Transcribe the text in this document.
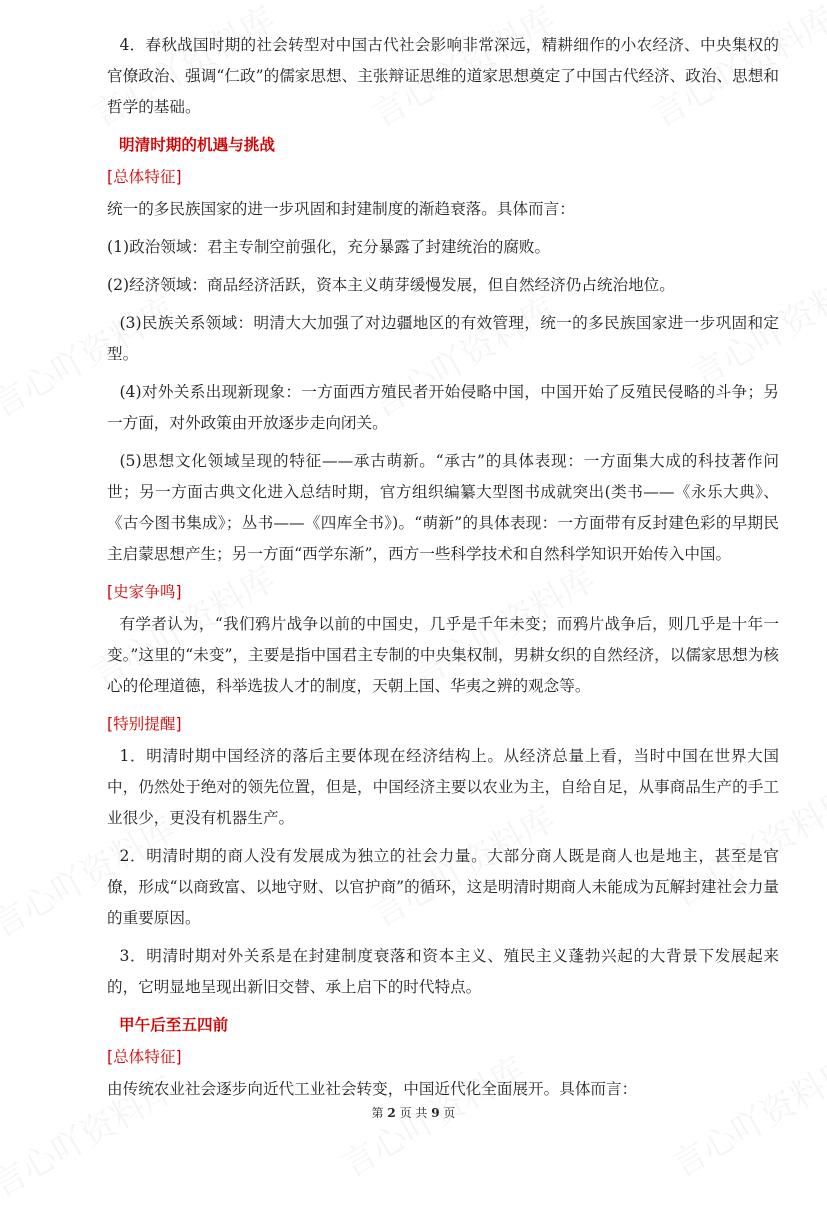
4．春秋战国时期的社会转型对中国古代社会影响非常深远，精耕细作的小农经济、中央集权的官僚政治、强调“仁政”的儒家思想、主张辩证思维的道家思想奠定了中国古代经济、政治、思想和哲学的基础。

明清时期的机遇与挑战
[总体特征]

统一的多民族国家的进一步巩固和封建制度的渐趋衰落。具体而言：

(1)政治领域：君主专制空前强化，充分暴露了封建统治的腐败。

(2)经济领域：商品经济活跃，资本主义萌芽缓慢发展，但自然经济仍占统治地位。

(3)民族关系领域：明清大大加强了对边疆地区的有效管理，统一的多民族国家进一步巩固和定型。

(4)对外关系出现新现象：一方面西方殖民者开始侵略中国，中国开始了反殖民侵略的斗争；另一方面，对外政策由开放逐步走向闭关。

(5)思想文化领域呈现的特征——承古萌新。“承古”的具体表现：一方面集大成的科技著作问世；另一方面古典文化进入总结时期，官方组织编纂大型图书成就突出(类书——《永乐大典》、《古今图书集成》；丛书——《四库全书》)。“萌新”的具体表现：一方面带有反封建色彩的早期民主启蒙思想产生；另一方面“西学东渐”，西方一些科学技术和自然科学知识开始传入中国。

[史家争鸣]

有学者认为，“我们鸦片战争以前的中国史，几乎是千年未变；而鸦片战争后，则几乎是十年一变。”这里的“未变”，主要是指中国君主专制的中央集权制，男耕女织的自然经济，以儒家思想为核心的伦理道德，科举选拔人才的制度，天朝上国、华夷之辨的观念等。

[特别提醒]

1．明清时期中国经济的落后主要体现在经济结构上。从经济总量上看，当时中国在世界大国中，仍然处于绝对的领先位置，但是，中国经济主要以农业为主，自给自足，从事商品生产的手工业很少，更没有机器生产。

2．明清时期的商人没有发展成为独立的社会力量。大部分商人既是商人也是地主，甚至是官僚，形成“以商致富、以地守财、以官护商”的循环，这是明清时期商人未能成为瓦解封建社会力量的重要原因。

3．明清时期对外关系是在封建制度衰落和资本主义、殖民主义蓬勃兴起的大背景下发展起来的，它明显地呈现出新旧交替、承上启下的时代特点。

甲午后至五四前
[总体特征]

由传统农业社会逐步向近代工业社会转变，中国近代化全面展开。具体而言：

第 2 页 共 9 页
